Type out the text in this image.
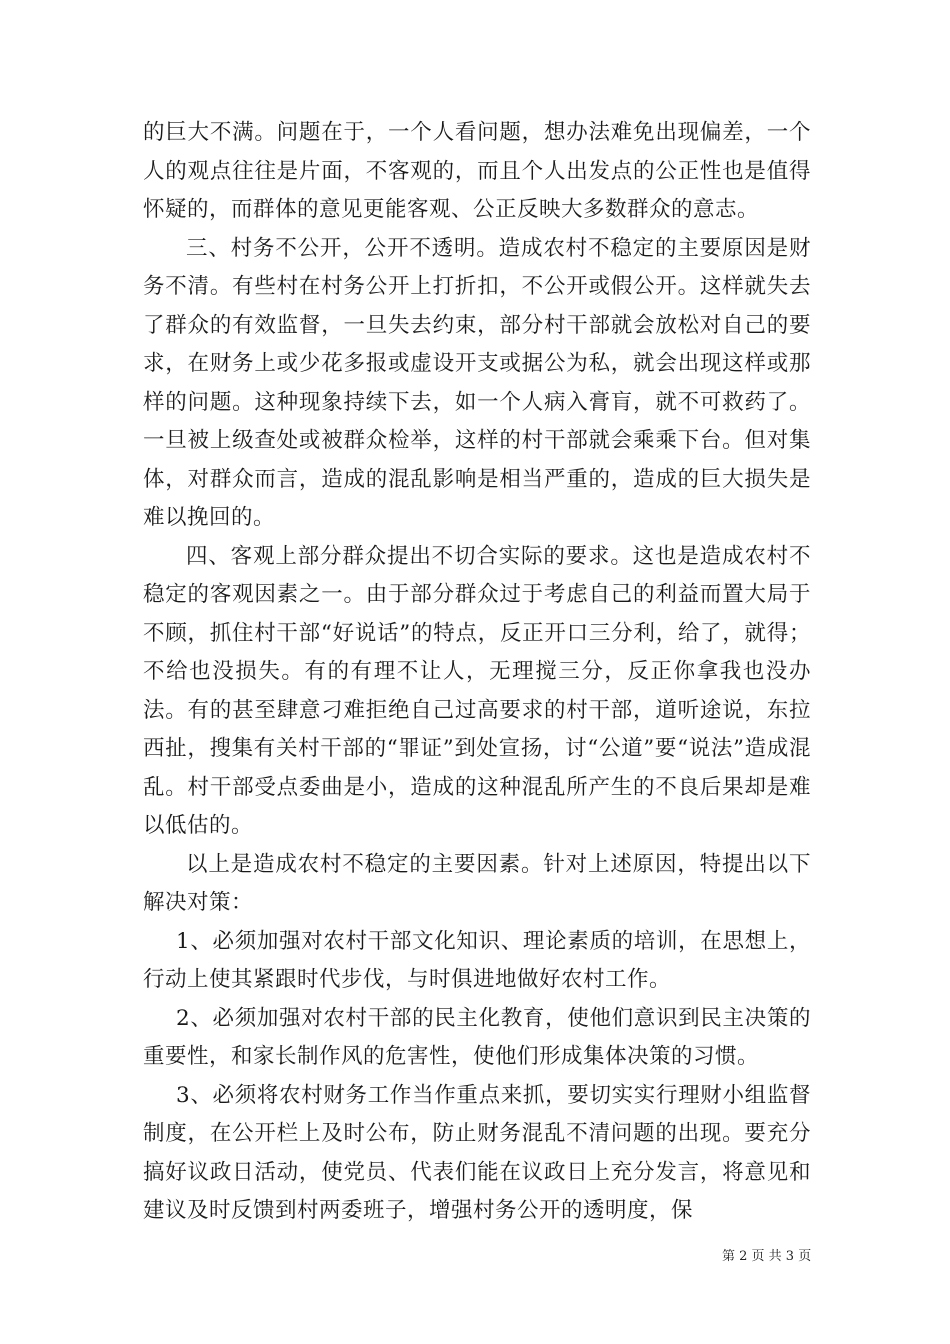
的巨大不满。问题在于，一个人看问题，想办法难免出现偏差，一个人的观点往往是片面，不客观的，而且个人出发点的公正性也是值得怀疑的，而群体的意见更能客观、公正反映大多数群众的意志。

三、村务不公开，公开不透明。造成农村不稳定的主要原因是财务不清。有些村在村务公开上打折扣，不公开或假公开。这样就失去了群众的有效监督，一旦失去约束，部分村干部就会放松对自己的要求，在财务上或少花多报或虚设开支或据公为私，就会出现这样或那样的问题。这种现象持续下去，如一个人病入膏肓，就不可救药了。一旦被上级查处或被群众检举，这样的村干部就会乘乘下台。但对集体，对群众而言，造成的混乱影响是相当严重的，造成的巨大损失是难以挽回的。

四、客观上部分群众提出不切合实际的要求。这也是造成农村不稳定的客观因素之一。由于部分群众过于考虑自己的利益而置大局于不顾，抓住村干部“好说话”的特点，反正开口三分利，给了，就得；不给也没损失。有的有理不让人，无理搅三分，反正你拿我也没办法。有的甚至肆意刁难拒绝自己过高要求的村干部，道听途说，东拉西扯，搜集有关村干部的“罪证”到处宣扬，讨“公道”要“说法”造成混乱。村干部受点委曲是小，造成的这种混乱所产生的不良后果却是难以低估的。

以上是造成农村不稳定的主要因素。针对上述原因，特提出以下解决对策：

1、必须加强对农村干部文化知识、理论素质的培训，在思想上，行动上使其紧跟时代步伐，与时俱进地做好农村工作。

2、必须加强对农村干部的民主化教育，使他们意识到民主决策的重要性，和家长制作风的危害性，使他们形成集体决策的习惯。

3、必须将农村财务工作当作重点来抓，要切实实行理财小组监督制度，在公开栏上及时公布，防止财务混乱不清问题的出现。要充分搞好议政日活动，使党员、代表们能在议政日上充分发言，将意见和建议及时反馈到村两委班子，增强村务公开的透明度，保

第 2 页 共 3 页
